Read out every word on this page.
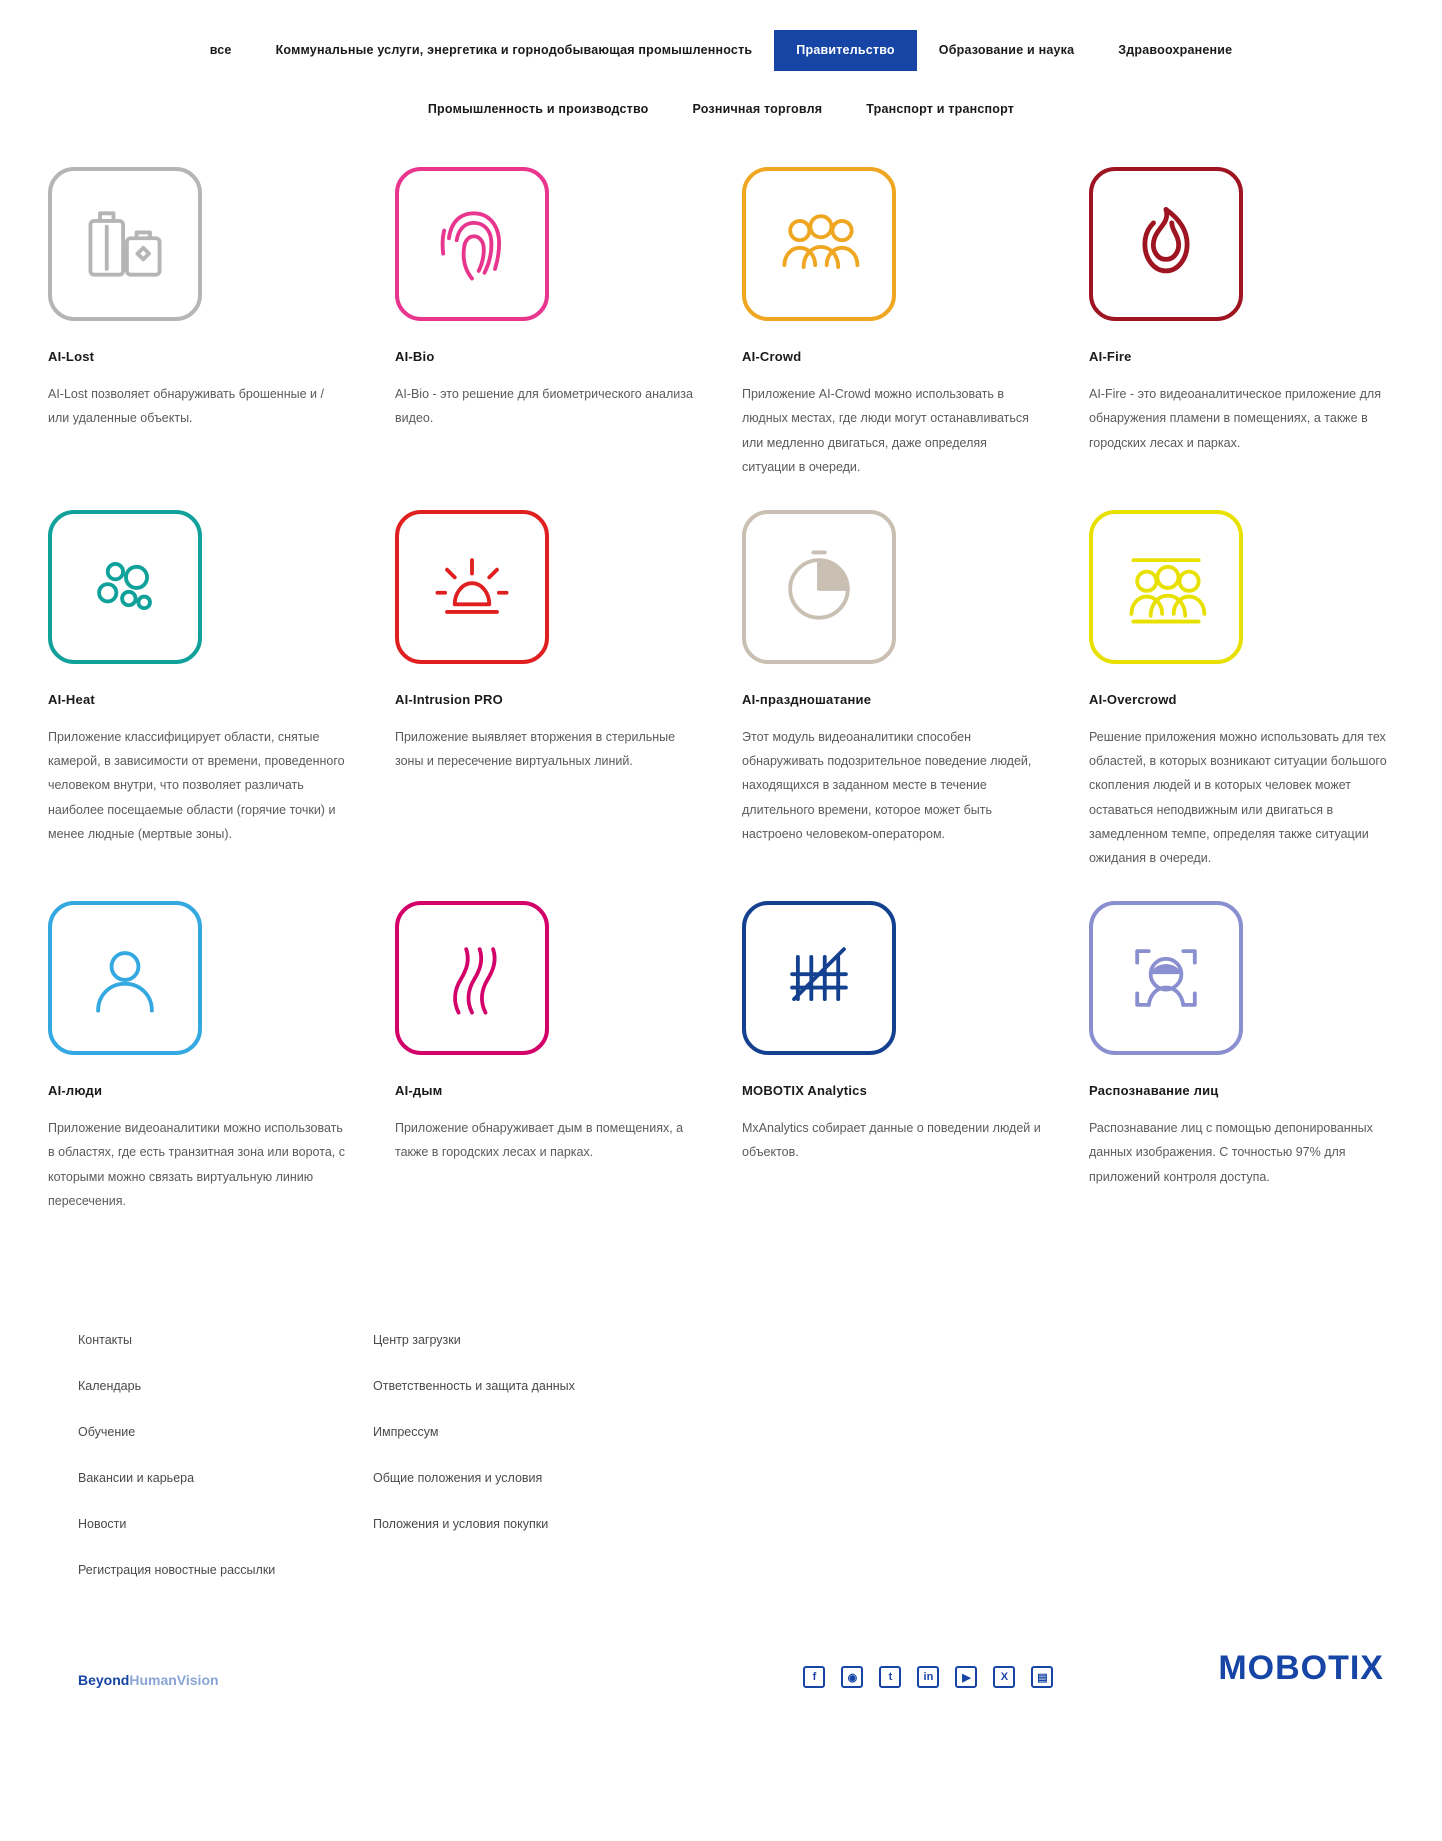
все	Коммунальные услуги, энергетика и горнодобывающая промышленность	Правительство	Образование и наука	Здравоохранение
Промышленность и производство	Розничная торговля	Транспорт и транспорт
AI-Lost
AI-Lost позволяет обнаруживать брошенные и / или удаленные объекты.
AI-Bio
AI-Bio - это решение для биометрического анализа видео.
AI-Crowd
Приложение AI-Crowd можно использовать в людных местах, где люди могут останавливаться или медленно двигаться, даже определяя ситуации в очереди.
AI-Fire
AI-Fire - это видеоаналитическое приложение для обнаружения пламени в помещениях, а также в городских лесах и парках.
AI-Heat
Приложение классифицирует области, снятые камерой, в зависимости от времени, проведенного человеком внутри, что позволяет различать наиболее посещаемые области (горячие точки) и менее людные (мертвые зоны).
AI-Intrusion PRO
Приложение выявляет вторжения в стерильные зоны и пересечение виртуальных линий.
AI-праздношатание
Этот модуль видеоаналитики способен обнаруживать подозрительное поведение людей, находящихся в заданном месте в течение длительного времени, которое может быть настроено человеком-оператором.
AI-Overcrowd
Решение приложения можно использовать для тех областей, в которых возникают ситуации большого скопления людей и в которых человек может оставаться неподвижным или двигаться в замедленном темпе, определяя также ситуации ожидания в очереди.
AI-люди
Приложение видеоаналитики можно использовать в областях, где есть транзитная зона или ворота, с которыми можно связать виртуальную линию пересечения.
AI-дым
Приложение обнаруживает дым в помещениях, а также в городских лесах и парках.
MOBOTIX Analytics
MxAnalytics собирает данные о поведении людей и объектов.
Распознавание лиц
Распознавание лиц с помощью депонированных данных изображения. С точностью 97% для приложений контроля доступа.
Контакты
Календарь
Обучение
Вакансии и карьера
Новости
Регистрация новостные рассылки
Центр загрузки
Ответственность и защита данных
Импрессум
Общие положения и условия
Положения и условия покупки
BeyondHumanVision	f	◉	t	in	▶	X	▤	MOBOTIX
